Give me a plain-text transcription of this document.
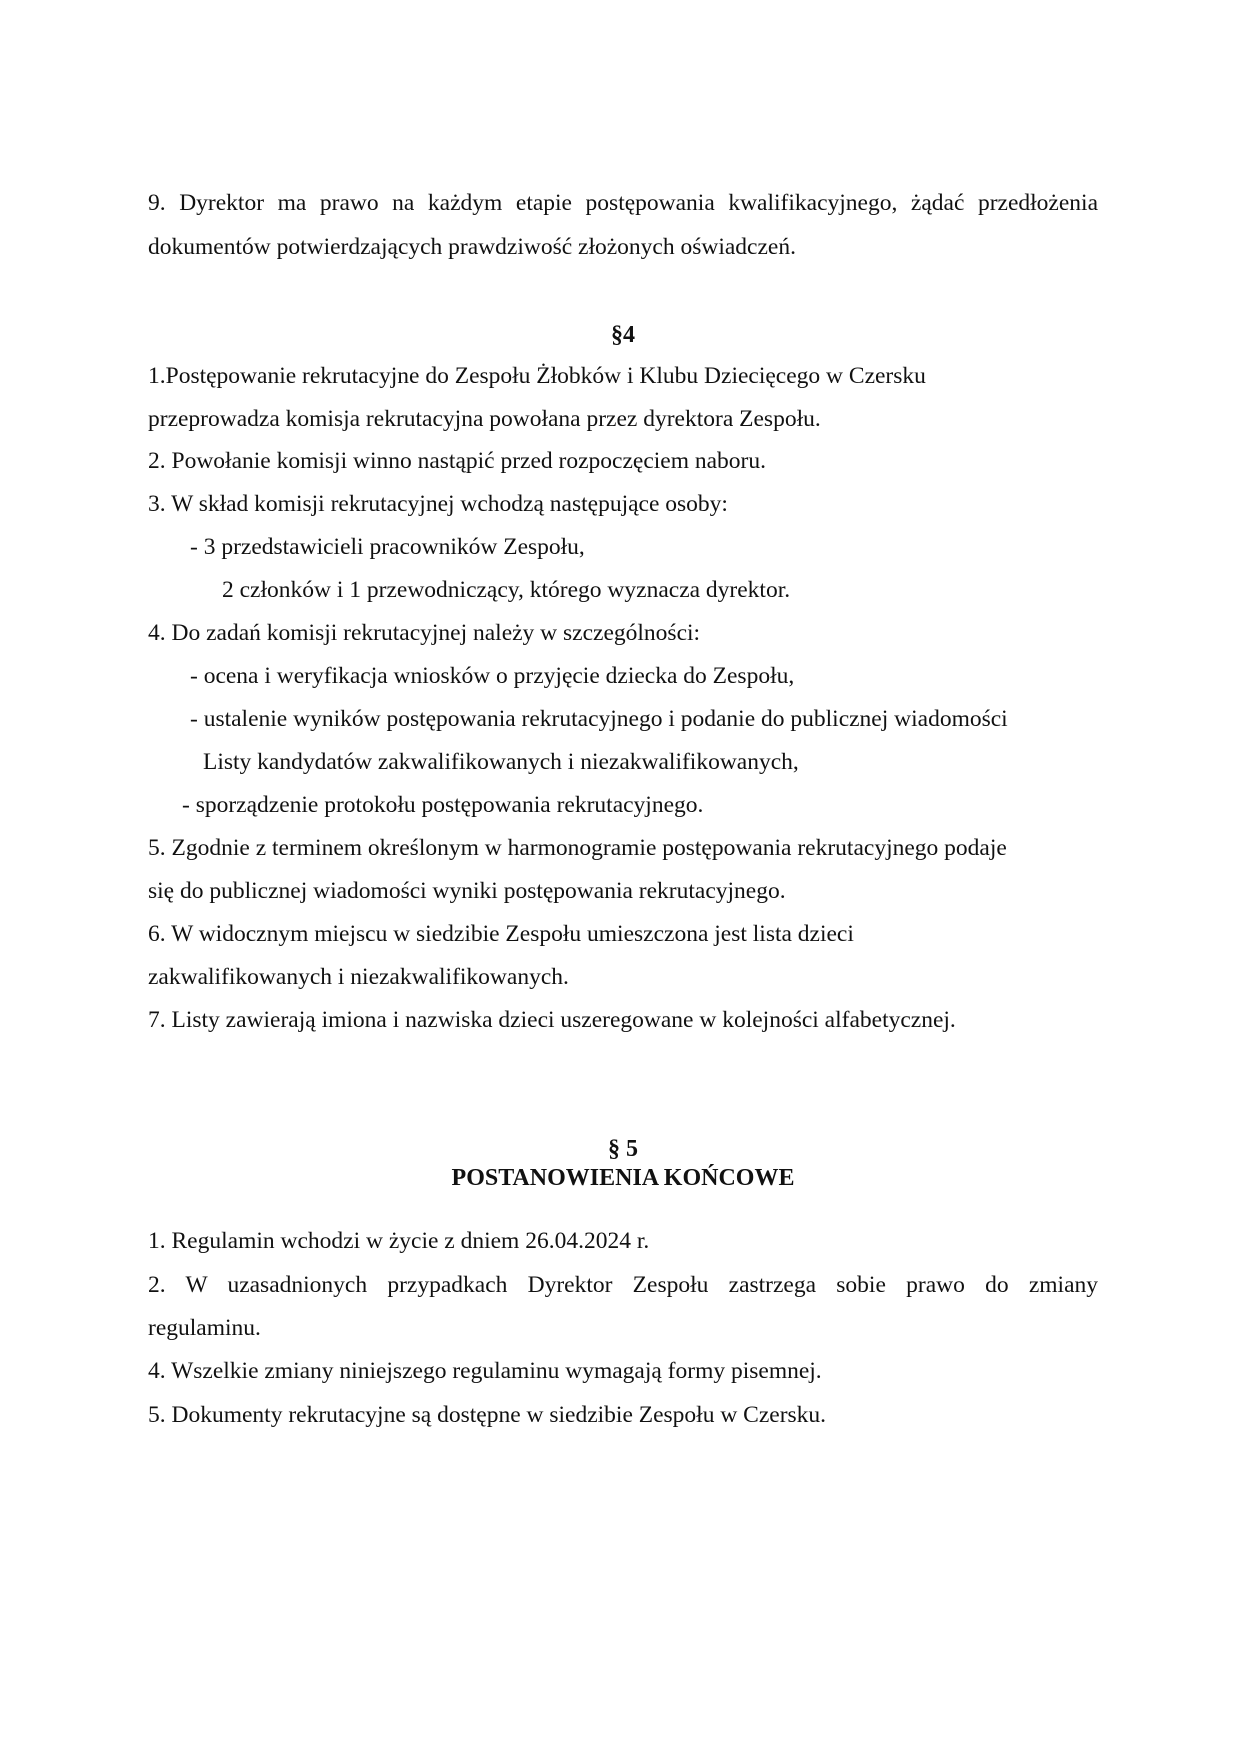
9. Dyrektor ma prawo na każdym etapie postępowania kwalifikacyjnego, żądać przedłożenia

dokumentów potwierdzających prawdziwość złożonych oświadczeń.

§4

1.Postępowanie rekrutacyjne do Zespołu Żłobków i Klubu Dziecięcego w Czersku

przeprowadza komisja rekrutacyjna powołana przez dyrektora Zespołu.

2. Powołanie komisji winno nastąpić przed rozpoczęciem naboru.

3. W skład komisji rekrutacyjnej wchodzą następujące osoby:

- 3 przedstawicieli pracowników Zespołu,

2 członków i 1 przewodniczący, którego wyznacza dyrektor.

4. Do zadań komisji rekrutacyjnej należy w szczególności:

- ocena i weryfikacja wniosków o przyjęcie dziecka do Zespołu,

- ustalenie wyników postępowania rekrutacyjnego i podanie do publicznej wiadomości

Listy kandydatów zakwalifikowanych i niezakwalifikowanych,

- sporządzenie protokołu postępowania rekrutacyjnego.

5. Zgodnie z terminem określonym w harmonogramie postępowania rekrutacyjnego podaje

się do publicznej wiadomości wyniki postępowania rekrutacyjnego.

6. W widocznym miejscu w siedzibie Zespołu umieszczona jest lista dzieci

zakwalifikowanych i niezakwalifikowanych.

7. Listy zawierają imiona i nazwiska dzieci uszeregowane w kolejności alfabetycznej.

§ 5

POSTANOWIENIA KOŃCOWE

1. Regulamin wchodzi w życie z dniem 26.04.2024 r.

2. W uzasadnionych przypadkach Dyrektor Zespołu zastrzega sobie prawo do zmiany

regulaminu.

4. Wszelkie zmiany niniejszego regulaminu wymagają formy pisemnej.

5. Dokumenty rekrutacyjne są dostępne w siedzibie Zespołu w Czersku.
